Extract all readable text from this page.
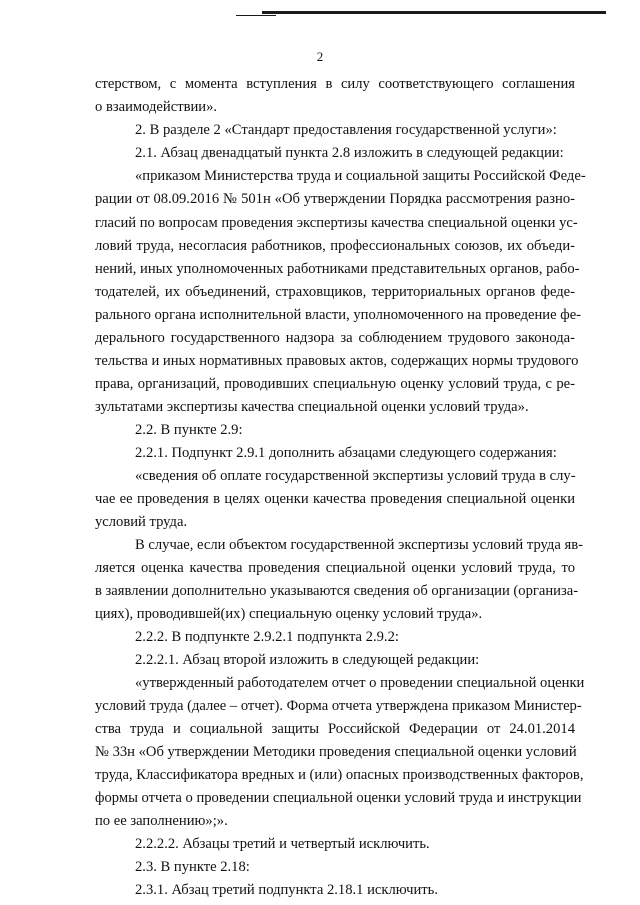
2
стерством, с момента вступления в силу соответствующего соглашения
о взаимодействии».
2. В разделе 2 «Стандарт предоставления государственной услуги»:
2.1. Абзац двенадцатый пункта 2.8 изложить в следующей редакции:
«приказом Министерства труда и социальной защиты Российской Феде-
рации от 08.09.2016 № 501н «Об утверждении Порядка рассмотрения разно-
гласий по вопросам проведения экспертизы качества специальной оценки ус-
ловий труда, несогласия работников, профессиональных союзов, их объеди-
нений, иных уполномоченных работниками представительных органов, рабо-
тодателей, их объединений, страховщиков, территориальных органов феде-
рального органа исполнительной власти, уполномоченного на проведение фе-
дерального государственного надзора за соблюдением трудового законода-
тельства и иных нормативных правовых актов, содержащих нормы трудового
права, организаций, проводивших специальную оценку условий труда, с ре-
зультатами экспертизы качества специальной оценки условий труда».
2.2. В пункте 2.9:
2.2.1. Подпункт 2.9.1 дополнить абзацами следующего содержания:
«сведения об оплате государственной экспертизы условий труда в слу-
чае ее проведения в целях оценки качества проведения специальной оценки
условий труда.
В случае, если объектом государственной экспертизы условий труда яв-
ляется оценка качества проведения специальной оценки условий труда, то
в заявлении дополнительно указываются сведения об организации (организа-
циях), проводившей(их) специальную оценку условий труда».
2.2.2. В подпункте 2.9.2.1 подпункта 2.9.2:
2.2.2.1. Абзац второй изложить в следующей редакции:
«утвержденный работодателем отчет о проведении специальной оценки
условий труда (далее – отчет). Форма отчета утверждена приказом Министер-
ства труда и социальной защиты Российской Федерации от 24.01.2014
№ 33н «Об утверждении Методики проведения специальной оценки условий
труда, Классификатора вредных и (или) опасных производственных факторов,
формы отчета о проведении специальной оценки условий труда и инструкции
по ее заполнению»;».
2.2.2.2. Абзацы третий и четвертый исключить.
2.3. В пункте 2.18:
2.3.1. Абзац третий подпункта 2.18.1 исключить.
